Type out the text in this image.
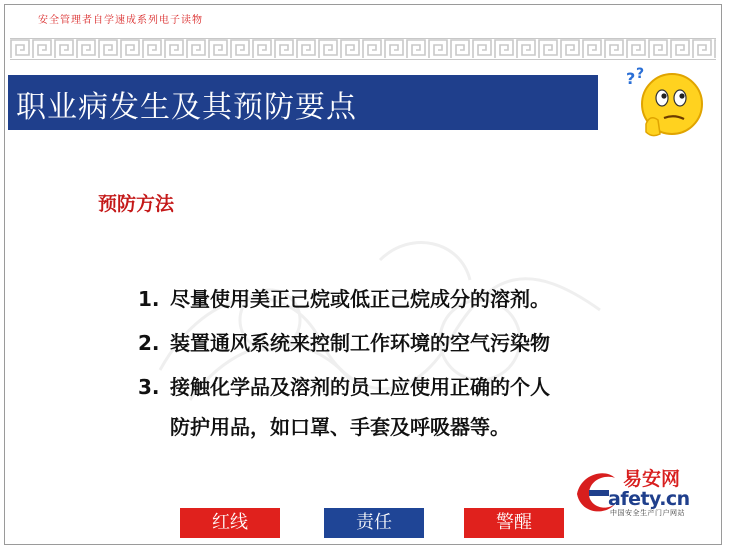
安全管理者自学速成系列电子读物
职业病发生及其预防要点
? ?
预防方法
1. 尽量使用美正己烷或低正己烷成分的溶剂。
2. 装置通风系统来控制工作环境的空气污染物
3. 接触化学品及溶剂的员工应使用正确的个人
防护用品，如口罩、手套及呼吸器等。
易安网
afety.cn
中国安全生产门户网站
红线	责任	警醒
